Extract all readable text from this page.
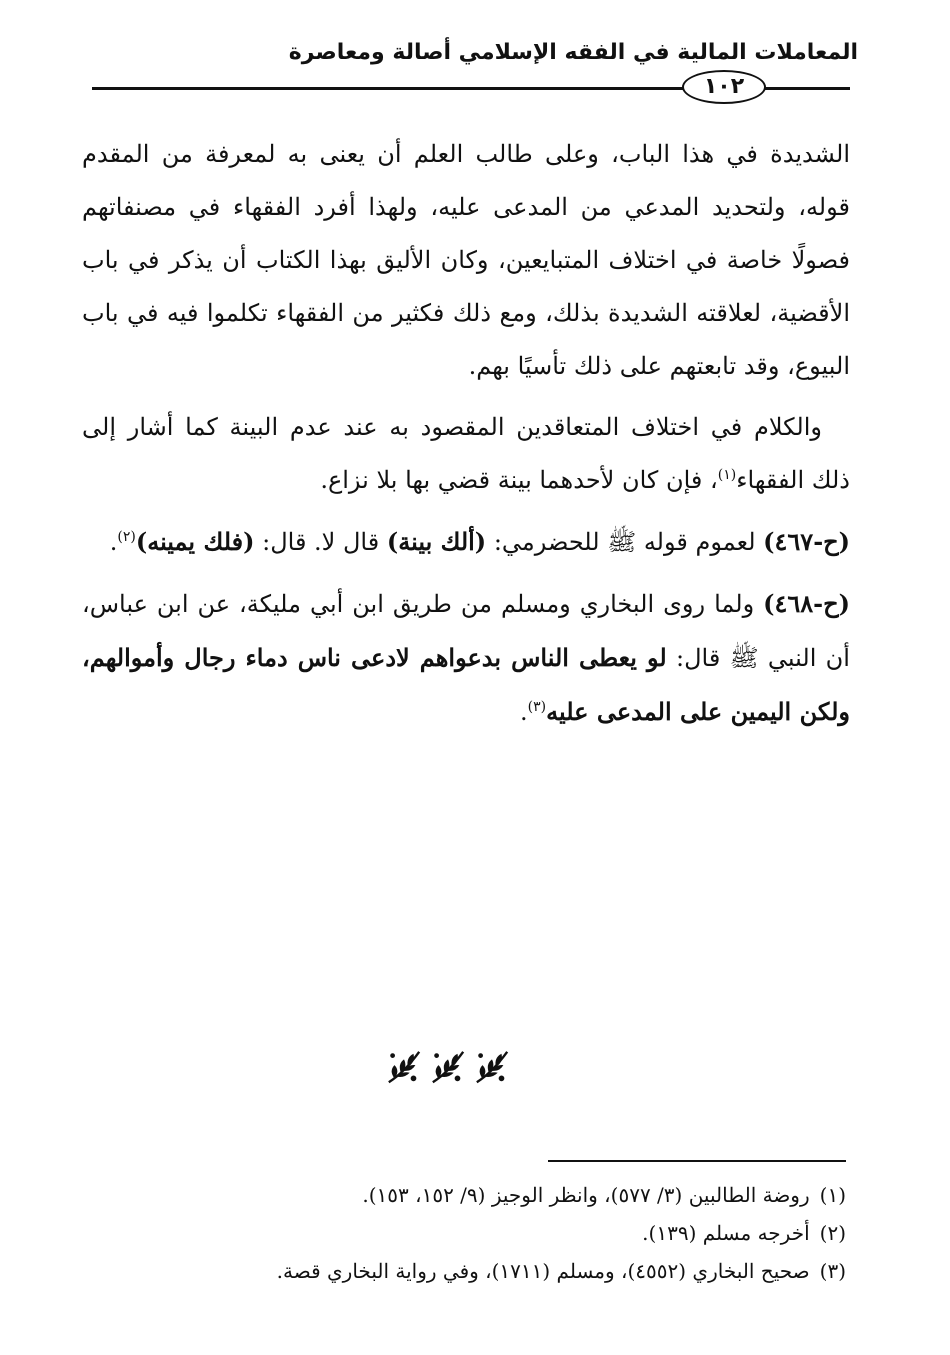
المعاملات المالية في الفقه الإسلامي أصالة ومعاصرة
١٠٢

الشديدة في هذا الباب، وعلى طالب العلم أن يعنى به لمعرفة من المقدم قوله، ولتحديد المدعي من المدعى عليه، ولهذا أفرد الفقهاء في مصنفاتهم فصولًا خاصة في اختلاف المتبايعين، وكان الأليق بهذا الكتاب أن يذكر في باب الأقضية، لعلاقته الشديدة بذلك، ومع ذلك فكثير من الفقهاء تكلموا فيه في باب البيوع، وقد تابعتهم على ذلك تأسيًا بهم.

والكلام في اختلاف المتعاقدين المقصود به عند عدم البينة كما أشار إلى ذلك الفقهاء$^{(١)}$، فإن كان لأحدهما بينة قضي بها بلا نزاع.

(ح-٤٦٧) لعموم قوله ﷺ للحضرمي: (ألك بينة) قال لا. قال: (فلك يمينه)$^{(٢)}$.

(ح-٤٦٨) ولما روى البخاري ومسلم من طريق ابن أبي مليكة، عن ابن عباس، أن النبي ﷺ قال: لو يعطى الناس بدعواهم لادعى ناس دماء رجال وأموالهم، ولكن اليمين على المدعى عليه$^{(٣)}$.

(١)روضة الطالبين (٣/ ٥٧٧)، وانظر الوجيز (٩/ ١٥٢، ١٥٣).

(٢)أخرجه مسلم (١٣٩).

(٣)صحيح البخاري (٤٥٥٢)، ومسلم (١٧١١)، وفي رواية البخاري قصة.
